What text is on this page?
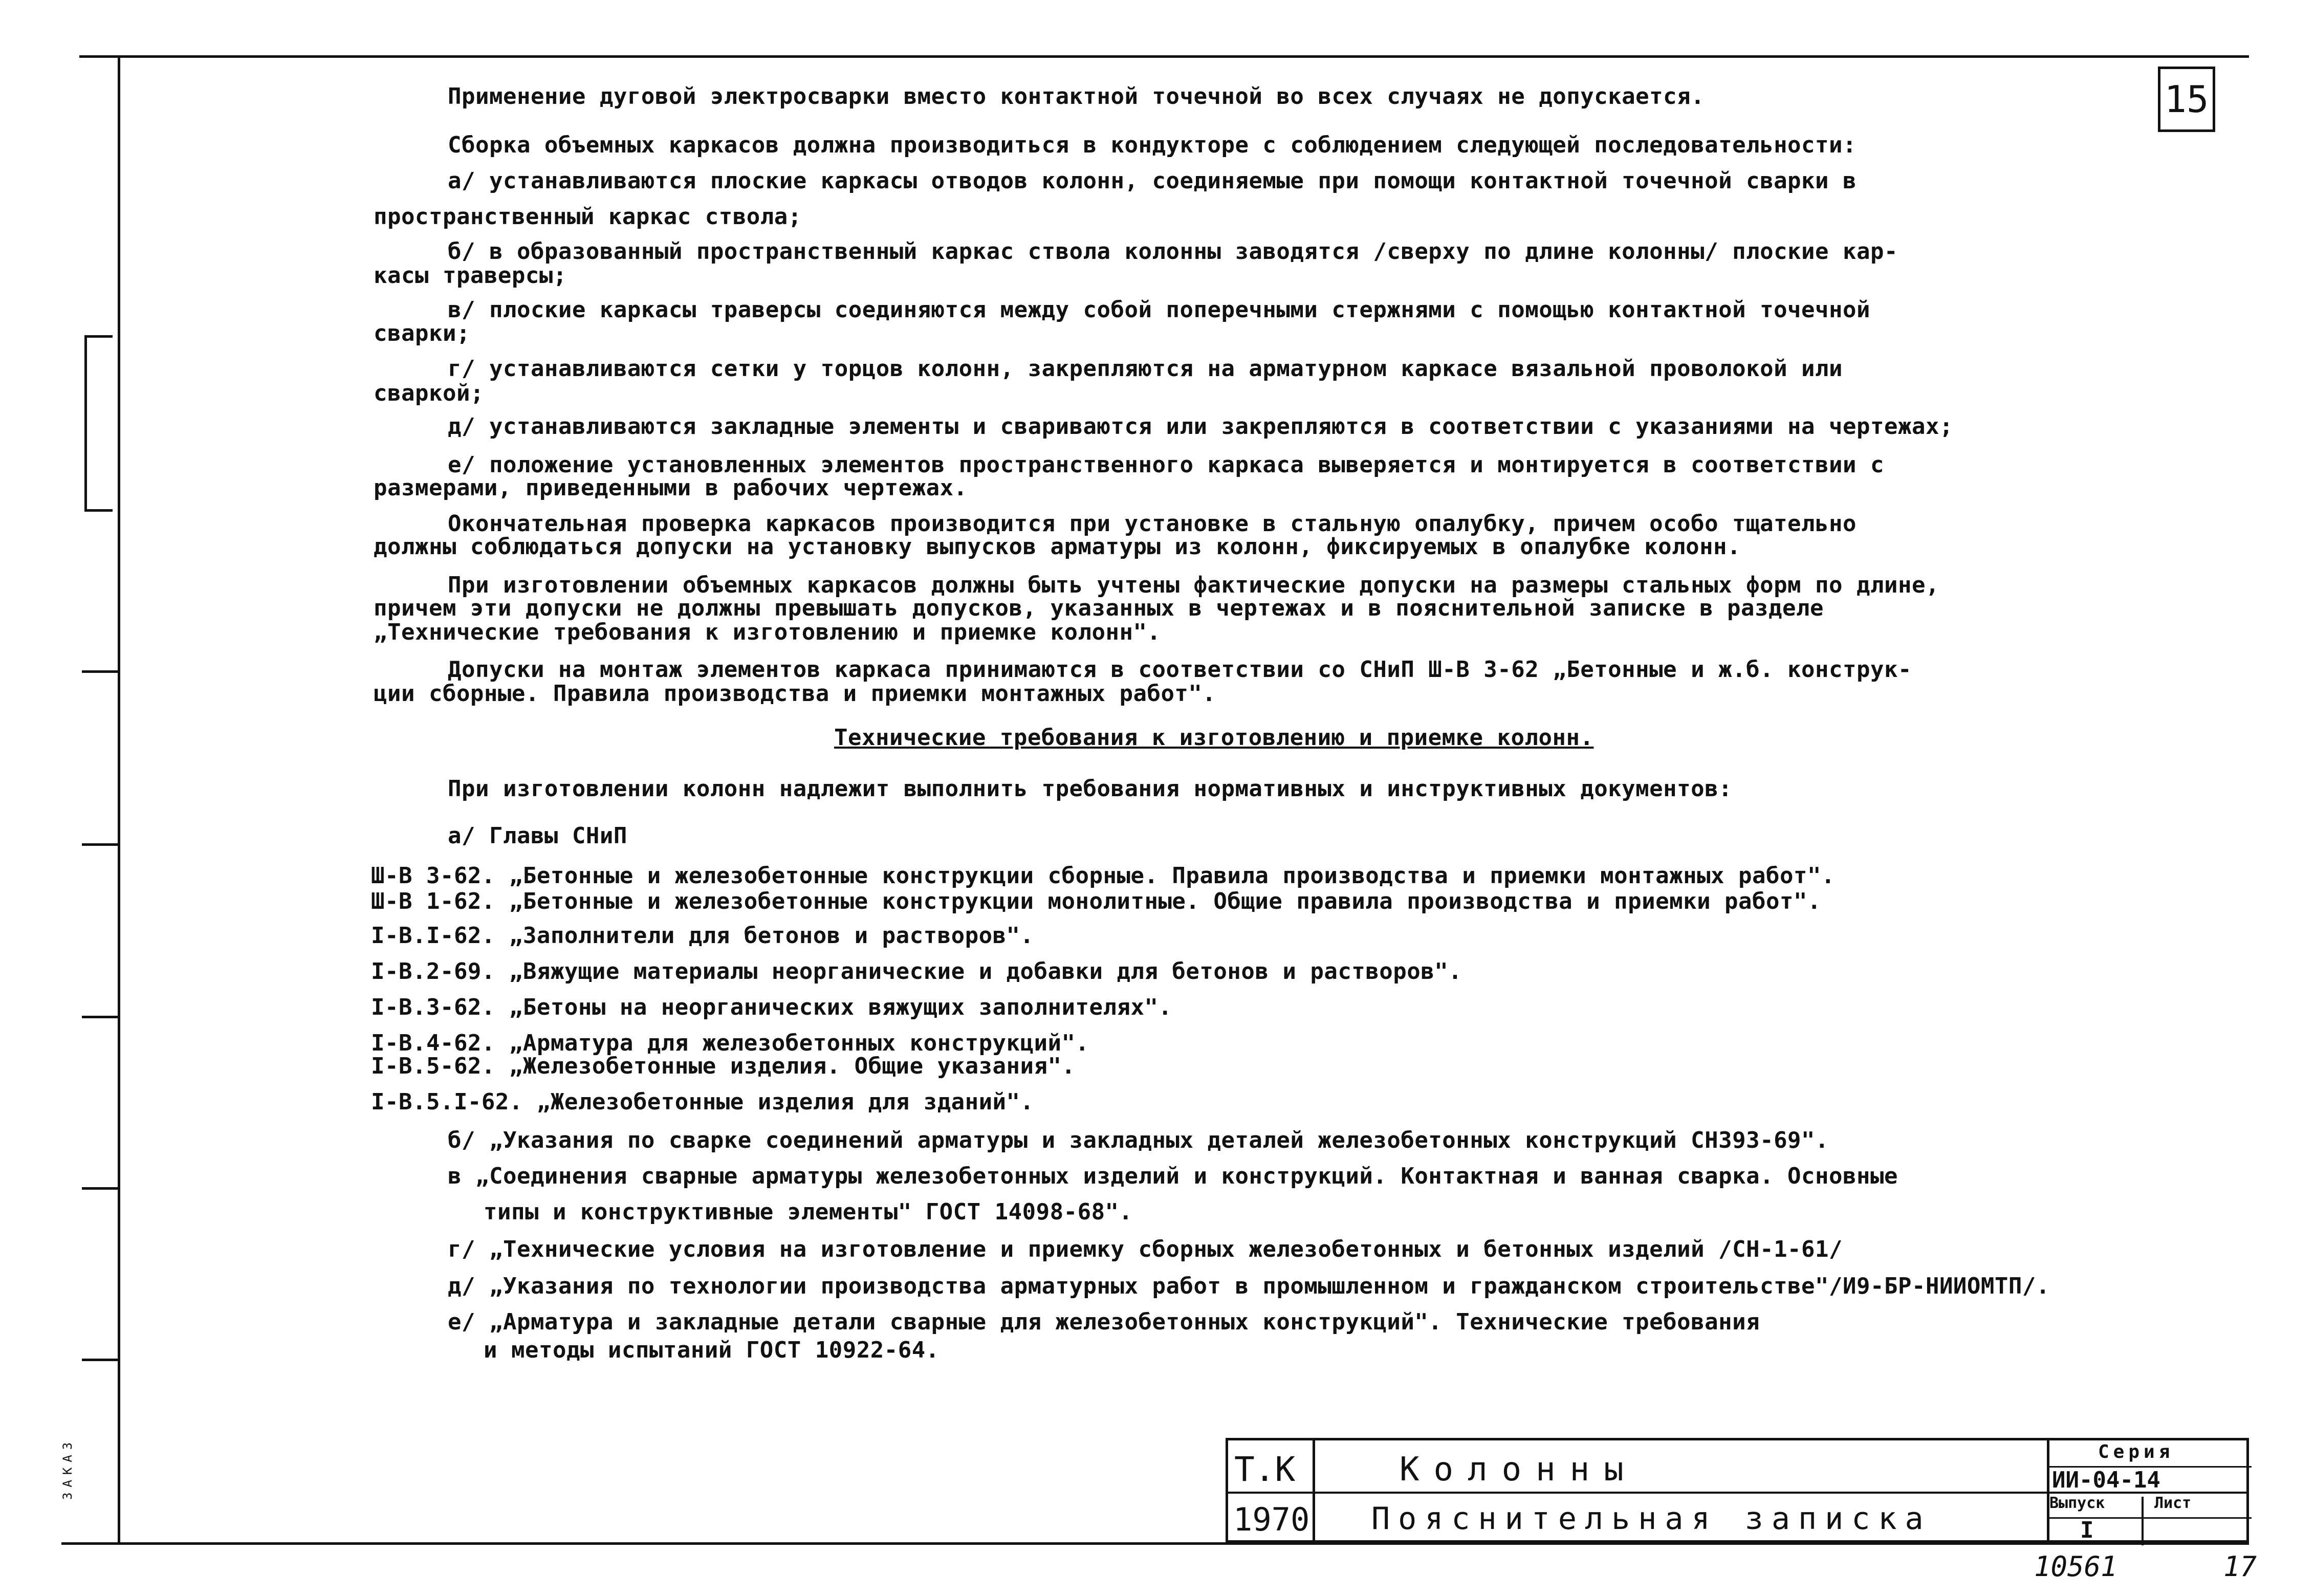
ЗАКАЗ
15
Применение дуговой электросварки вместо контактной точечной во всех случаях не допускается.
Сборка объемных каркасов должна производиться в кондукторе с соблюдением следующей последовательности:
а/ устанавливаются плоские каркасы отводов колонн, соединяемые при помощи контактной точечной сварки в
пространственный каркас ствола;
б/ в образованный пространственный каркас ствола колонны заводятся /сверху по длине колонны/ плоские кар-
касы траверсы;
в/ плоские каркасы траверсы соединяются между собой поперечными стержнями с помощью контактной точечной
сварки;
г/ устанавливаются сетки у торцов колонн, закрепляются на арматурном каркасе вязальной проволокой или
сваркой;
д/ устанавливаются закладные элементы и свариваются или закрепляются в соответствии с указаниями на чертежах;
е/ положение установленных элементов пространственного каркаса выверяется и монтируется в соответствии с
размерами, приведенными в рабочих чертежах.
Окончательная проверка каркасов производится при установке в стальную опалубку, причем особо тщательно
должны соблюдаться допуски на установку выпусков арматуры из колонн, фиксируемых в опалубке колонн.
При изготовлении объемных каркасов должны быть учтены фактические допуски на размеры стальных форм по длине,
причем эти допуски не должны превышать допусков, указанных в чертежах и в пояснительной записке в разделе
„Технические требования к изготовлению и приемке колонн".
Допуски на монтаж элементов каркаса принимаются в соответствии со СНиП Ш-В 3-62 „Бетонные и ж.б. конструк-
ции сборные. Правила производства и приемки монтажных работ".
Технические требования к изготовлению и приемке колонн.
При изготовлении колонн надлежит выполнить требования нормативных и инструктивных документов:
а/ Главы СНиП
Ш-В 3-62. „Бетонные и железобетонные конструкции сборные. Правила производства и приемки монтажных работ".
Ш-В 1-62. „Бетонные и железобетонные конструкции монолитные. Общие правила производства и приемки работ".
I-В.I-62. „Заполнители для бетонов и растворов".
I-В.2-69. „Вяжущие материалы неорганические и добавки для бетонов и растворов".
I-В.3-62. „Бетоны на неорганических вяжущих заполнителях".
I-В.4-62. „Арматура для железобетонных конструкций".
I-В.5-62. „Железобетонные изделия. Общие указания".
I-В.5.I-62. „Железобетонные изделия для зданий".
б/ „Указания по сварке соединений арматуры и закладных деталей железобетонных конструкций СН393-69".
в „Соединения сварные арматуры железобетонных изделий и конструкций. Контактная и ванная сварка. Основные
типы и конструктивные элементы" ГОСТ 14098-68".
г/ „Технические условия на изготовление и приемку сборных железобетонных и бетонных изделий /СН-1-61/
д/ „Указания по технологии производства арматурных работ в промышленном и гражданском строительстве"/И9-БР-НИИОМТП/.
е/ „Арматура и закладные детали сварные для железобетонных конструкций". Технические требования
и методы испытаний ГОСТ 10922-64.
Т.К
1970
Колонны
Пояснительная записка
Серия
ИИ-04-14
Выпуск	Лист
I
10561	17
